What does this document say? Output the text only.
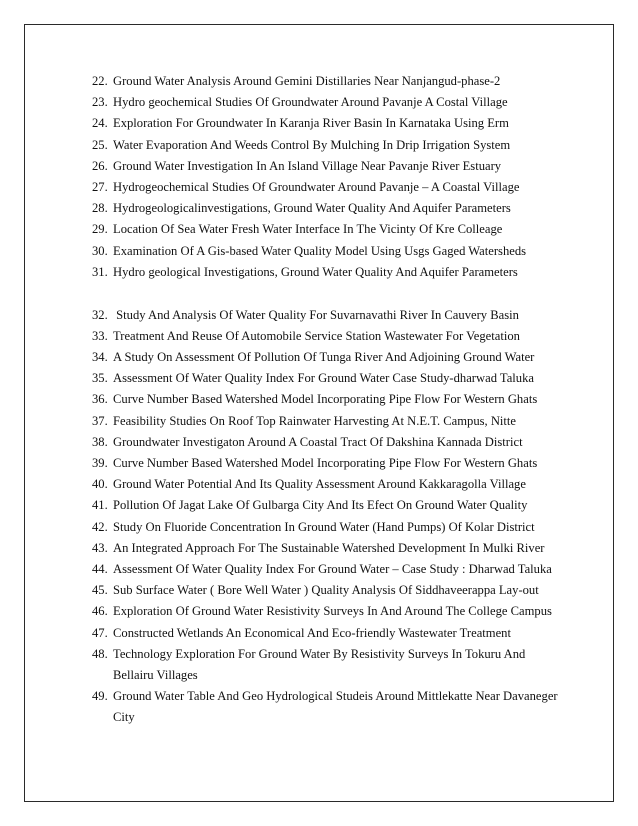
22. Ground Water Analysis Around Gemini Distillaries Near Nanjangud-phase-2
23. Hydro geochemical Studies Of Groundwater Around Pavanje A Costal Village
24. Exploration For Groundwater In Karanja River Basin In Karnataka Using Erm
25. Water Evaporation And Weeds Control By Mulching In Drip Irrigation System
26. Ground Water Investigation In An Island Village Near Pavanje River Estuary
27. Hydrogeochemical Studies Of Groundwater Around Pavanje – A Coastal Village
28. Hydrogeologicalinvestigations, Ground Water Quality And Aquifer Parameters
29. Location Of Sea Water Fresh Water Interface In The Vicinty Of Kre Colleage
30. Examination Of A Gis-based Water Quality Model Using Usgs Gaged Watersheds
31. Hydro geological Investigations, Ground Water Quality And Aquifer Parameters
32. Study And Analysis Of Water Quality For Suvarnavathi River In Cauvery Basin
33. Treatment And Reuse Of Automobile Service Station Wastewater For Vegetation
34. A Study On Assessment Of Pollution Of Tunga River And Adjoining Ground Water
35. Assessment Of Water Quality Index For Ground Water Case Study-dharwad Taluka
36. Curve Number Based Watershed Model Incorporating Pipe Flow For Western Ghats
37. Feasibility Studies On Roof Top Rainwater Harvesting At N.E.T. Campus, Nitte
38. Groundwater Investigaton Around A Coastal Tract Of Dakshina Kannada District
39. Curve Number Based Watershed Model Incorporating Pipe Flow For Western Ghats
40. Ground Water Potential And Its Quality Assessment Around Kakkaragolla Village
41. Pollution Of Jagat Lake Of Gulbarga City And Its Efect On Ground Water Quality
42. Study On Fluoride Concentration In Ground Water (Hand Pumps) Of Kolar District
43. An Integrated Approach For The Sustainable Watershed Development In Mulki River
44. Assessment Of Water Quality Index For Ground Water – Case Study : Dharwad Taluka
45. Sub Surface Water ( Bore Well Water ) Quality Analysis Of Siddhaveerappa Lay-out
46. Exploration Of Ground Water Resistivity Surveys In And Around The College Campus
47. Constructed Wetlands An Economical And Eco-friendly Wastewater Treatment
48. Technology Exploration For Ground Water By Resistivity Surveys In Tokuru And
Bellairu Villages
49. Ground Water Table And Geo Hydrological Studeis Around Mittlekatte Near Davaneger
City
